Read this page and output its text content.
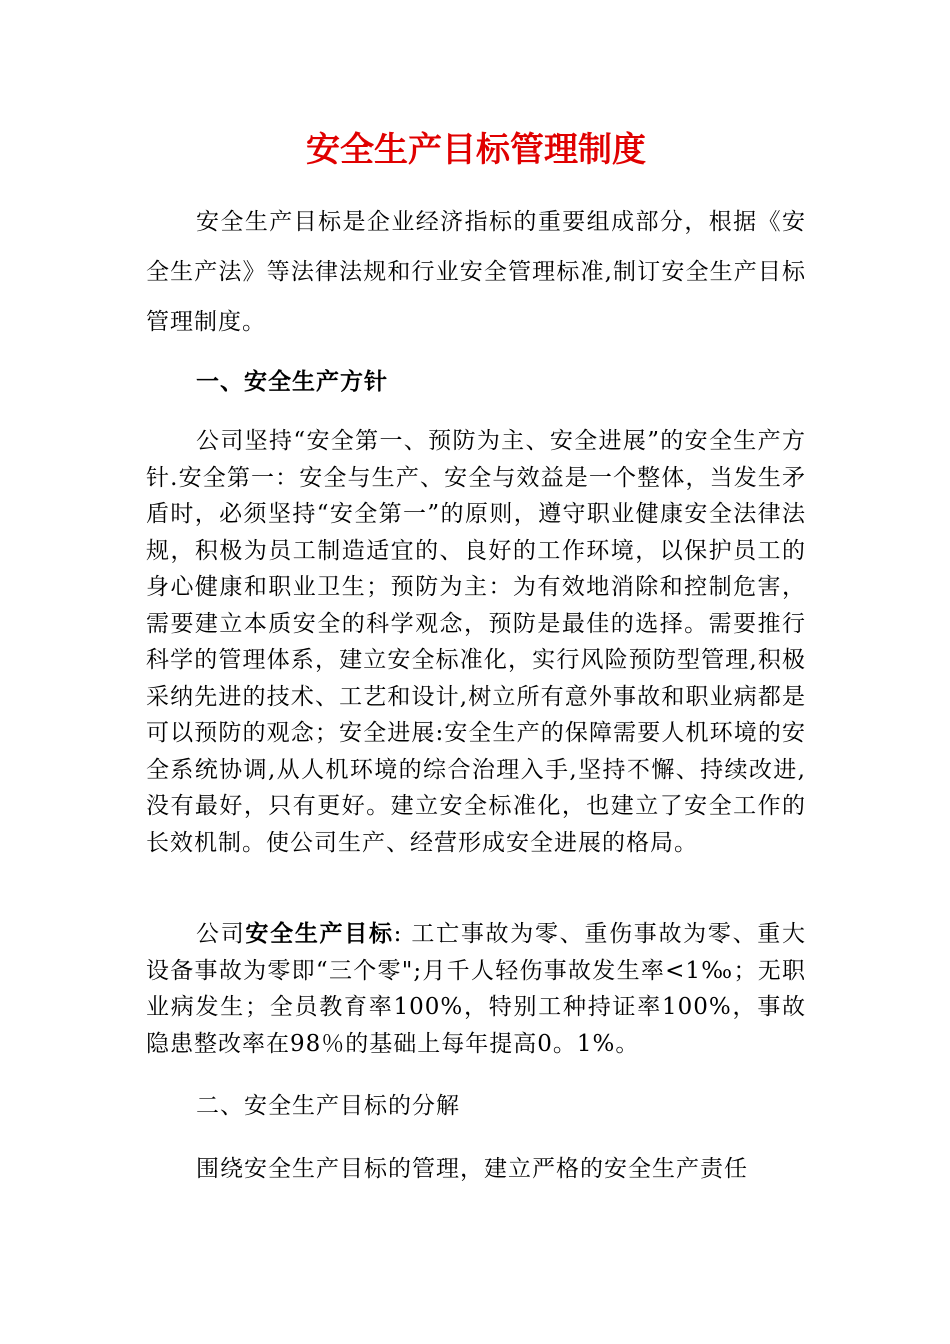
安全生产目标管理制度

安全生产目标是企业经济指标的重要组成部分，根据《安全生产法》等法律法规和行业安全管理标准,制订安全生产目标管理制度。

一、安全生产方针

公司坚持“安全第一、预防为主、安全进展”的安全生产方针.安全第一：安全与生产、安全与效益是一个整体，当发生矛盾时，必须坚持“安全第一”的原则，遵守职业健康安全法律法规，积极为员工制造适宜的、良好的工作环境，以保护员工的身心健康和职业卫生；预防为主：为有效地消除和控制危害，需要建立本质安全的科学观念，预防是最佳的选择。需要推行科学的管理体系，建立安全标准化，实行风险预防型管理,积极采纳先进的技术、工艺和设计,树立所有意外事故和职业病都是可以预防的观念；安全进展:安全生产的保障需要人机环境的安全系统协调,从人机环境的综合治理入手,坚持不懈、持续改进,没有最好，只有更好。建立安全标准化，也建立了安全工作的长效机制。使公司生产、经营形成安全进展的格局。

公司安全生产目标: 工亡事故为零、重伤事故为零、重大设备事故为零即“三个零";月千人轻伤事故发生率<1‰；无职业病发生；全员教育率100%，特别工种持证率100%，事故隐患整改率在98％的基础上每年提高0。1%。

二、安全生产目标的分解

围绕安全生产目标的管理，建立严格的安全生产责任
